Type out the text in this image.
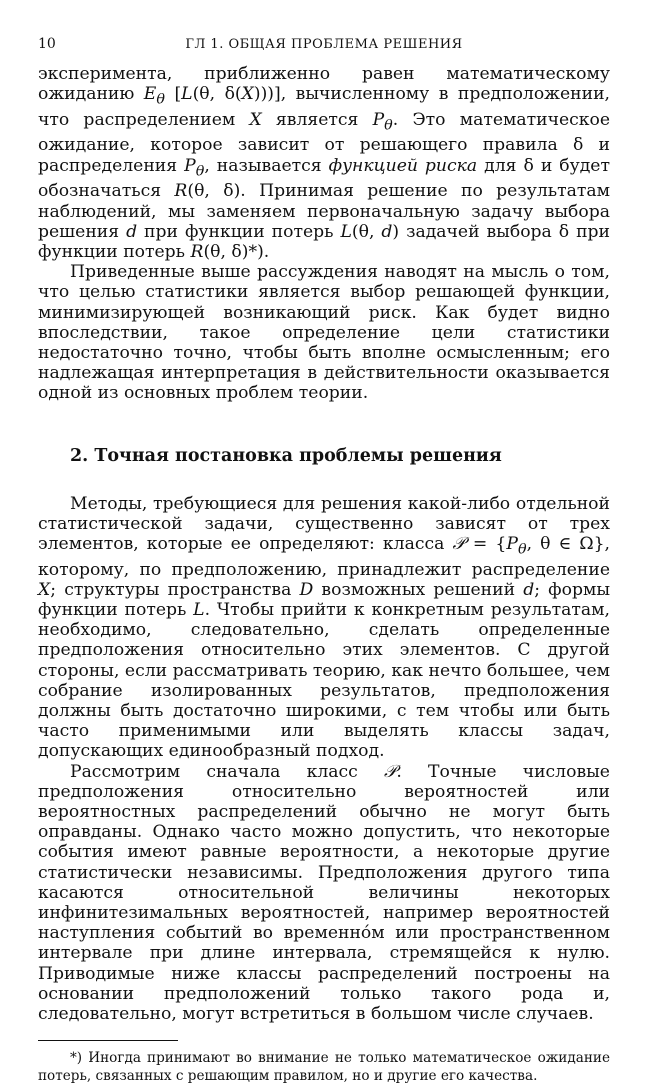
10	ГЛ 1. ОБЩАЯ ПРОБЛЕМА РЕШЕНИЯ

эксперимента, приближенно равен математическому ожиданию $E_\theta$ [L(θ, δ(X)))], вычисленному в предположении, что распределением X является $P_\theta$. Это математическое ожидание, которое зависит от решающего правила δ и распределения $P_\theta$, называется функцией риска для δ и будет обозначаться R(θ, δ). Принимая решение по результатам наблюдений, мы заменяем первоначальную задачу выбора решения d при функции потерь L(θ, d) задачей выбора δ при функции потерь R(θ, δ)*).

Приведенные выше рассуждения наводят на мысль о том, что целью статистики является выбор решающей функции, минимизирующей возникающий риск. Как будет видно впоследствии, такое определение цели статистики недостаточно точно, чтобы быть вполне осмысленным; его надлежащая интерпретация в действительности оказывается одной из основных проблем теории.

2. Точная постановка проблемы решения

Методы, требующиеся для решения какой-либо отдельной статистической задачи, существенно зависят от трех элементов, которые ее определяют: класса 𝒫 = {$P_\theta$, θ ∈ Ω}, которому, по предположению, принадлежит распределение X; структуры пространства D возможных решений d; формы функции потерь L. Чтобы прийти к конкретным результатам, необходимо, следовательно, сделать определенные предположения относительно этих элементов. С другой стороны, если рассматривать теорию, как нечто большее, чем собрание изолированных результатов, предположения должны быть достаточно широкими, с тем чтобы или быть часто применимыми или выделять классы задач, допускающих единообразный подход.

Рассмотрим сначала класс 𝒫. Точные числовые предположения относительно вероятностей или вероятностных распределений обычно не могут быть оправданы. Однако часто можно допустить, что некоторые события имеют равные вероятности, а некоторые другие статистически независимы. Предположения другого типа касаются относительной величины некоторых инфинитезимальных вероятностей, например вероятностей наступления событий во временно́м или пространственном интервале при длине интервала, стремящейся к нулю. Приводимые ниже классы распределений построены на основании предположений только такого рода и, следовательно, могут встретиться в большом числе случаев.

*) Иногда принимают во внимание не только математическое ожидание потерь, связанных с решающим правилом, но и другие его качества.
